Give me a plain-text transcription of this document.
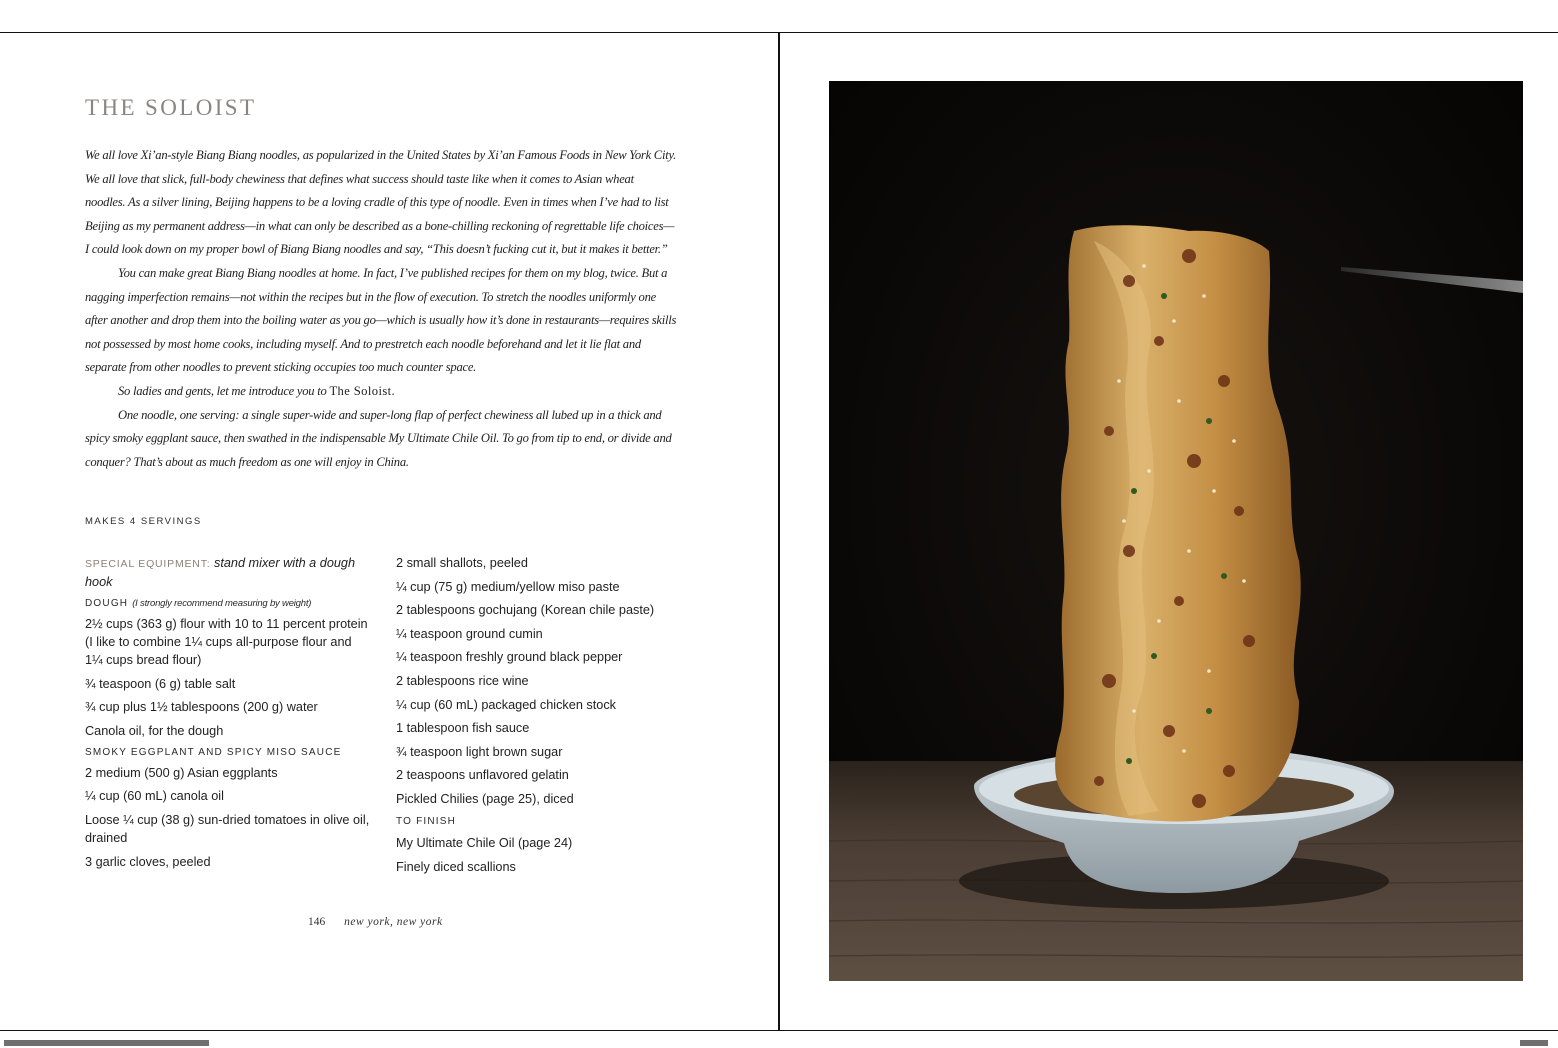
THE SOLOIST

We all love Xi’an-style Biang Biang noodles, as popularized in the United States by Xi’an Famous Foods in New York City. We all love that slick, full-body chewiness that defines what success should taste like when it comes to Asian wheat noodles. As a silver lining, Beijing happens to be a loving cradle of this type of noodle. Even in times when I’ve had to list Beijing as my permanent address—in what can only be described as a bone-chilling reckoning of regrettable life choices—I could look down on my proper bowl of Biang Biang noodles and say, “This doesn’t fucking cut it, but it makes it better.”

You can make great Biang Biang noodles at home. In fact, I’ve published recipes for them on my blog, twice. But a nagging imperfection remains—not within the recipes but in the flow of execution. To stretch the noodles uniformly one after another and drop them into the boiling water as you go—which is usually how it’s done in restaurants—requires skills not possessed by most home cooks, including myself. And to prestretch each noodle beforehand and let it lie flat and separate from other noodles to prevent sticking occupies too much counter space.

So ladies and gents, let me introduce you to The Soloist.

One noodle, one serving: a single super-wide and super-long flap of perfect chewiness all lubed up in a thick and spicy smoky eggplant sauce, then swathed in the indispensable My Ultimate Chile Oil. To go from tip to end, or divide and conquer? That’s about as much freedom as one will enjoy in China.

MAKES 4 SERVINGS
SPECIAL EQUIPMENT: stand mixer with a dough hook
DOUGH (I strongly recommend measuring by weight)
2½ cups (363 g) flour with 10 to 11 percent protein (I like to combine 1¼ cups all-purpose flour and 1¼ cups bread flour)
¾ teaspoon (6 g) table salt
¾ cup plus 1½ tablespoons (200 g) water
Canola oil, for the dough
SMOKY EGGPLANT AND SPICY MISO SAUCE
2 medium (500 g) Asian eggplants
¼ cup (60 mL) canola oil
Loose ¼ cup (38 g) sun-dried tomatoes in olive oil, drained
3 garlic cloves, peeled
2 small shallots, peeled
¼ cup (75 g) medium/yellow miso paste
2 tablespoons gochujang (Korean chile paste)
¼ teaspoon ground cumin
¼ teaspoon freshly ground black pepper
2 tablespoons rice wine
¼ cup (60 mL) packaged chicken stock
1 tablespoon fish sauce
¾ teaspoon light brown sugar
2 teaspoons unflavored gelatin
Pickled Chilies (page 25), diced
TO FINISH
My Ultimate Chile Oil (page 24)
Finely diced scallions
146 new york, new york
